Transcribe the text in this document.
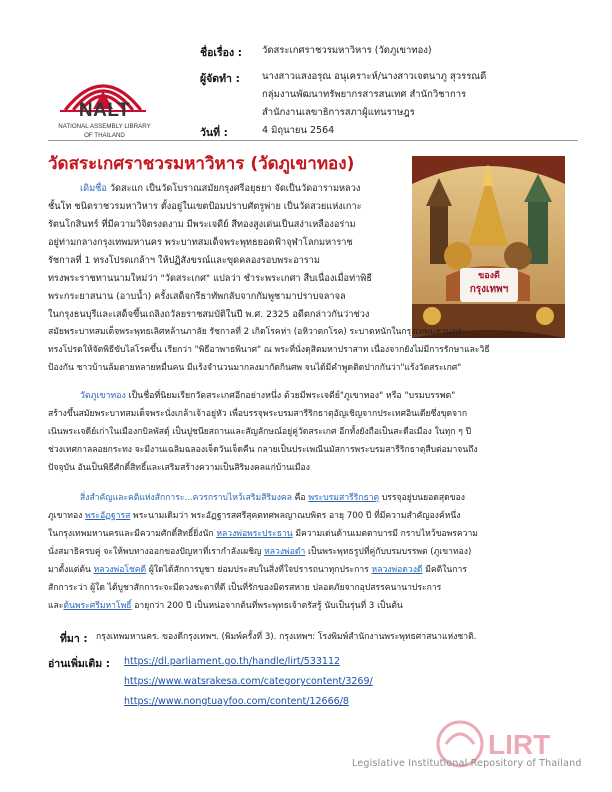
NALT
NATIONAL ASSEMBLY LIBRARY
OF THAILAND
ชื่อเรื่อง : วัดสระเกศราชวรมหาวิหาร (วัดภูเขาทอง)
ผู้จัดทำ : นางสาวแสงอรุณ อนุเคราะห์/นางสาวเจตนาภู สุวรรณดี
กลุ่มงานพัฒนาทรัพยากรสารสนเทศ สำนักวิชาการ
สำนักงานเลขาธิการสภาผู้แทนราษฎร
วันที่ :	4 มิถุนายน 2564
วัดสระเกศราชวรมหาวิหาร (วัดภูเขาทอง)
ของดี
กรุงเทพฯ
เดิมชื่อ วัดสะแก เป็นวัดโบราณสมัยกรุงศรีอยุธยา จัดเป็นวัดอารามหลวง
ชั้นโท ชนิดราชวรมหาวิหาร ตั้งอยู่ในเขตป้อมปราบศัตรูพ่าย เป็นวัดสวยแห่งเกาะ
รัตนโกสินทร์ ที่มีความวิจิตรงดงาม มีพระเจดีย์ สีทองสูงเด่นเป็นสง่าเหลืองอร่าม
อยู่ท่ามกลางกรุงเทพมหานคร พระบาทสมเด็จพระพุทธยอดฟ้าจุฬาโลกมหาราช
รัชกาลที่ 1 ทรงโปรดเกล้าฯ ให้ปฏิสังขรณ์และขุดคลองรอบพระอาราม
ทรงพระราชทานนามใหม่ว่า "วัดสระเกศ" แปลว่า ชำระพระเกศา สืบเนื่องเมื่อท่าพิธี
พระกระยาสนาน (อาบน้ำ) ครั้งเสด็จกรีธาทัพกลับจากกัมพูชามาปราบจลาจล
ในกรุงธนบุรีและเสด็จขึ้นเถลิงถวัลยราชสมบัติในปี พ.ศ. 2325 อดีตกล่าวกันว่าช่วง
สมัยพระบาทสมเด็จพระพุทธเลิศหล้านภาลัย รัชกาลที่ 2 เกิดโรคห่า (อหิวาตกโรค) ระบาดหนักในกรุงเทพมหานคร
ทรงโปรดให้จัดพิธีขับไล่โรคขึ้น เรียกว่า "พิธีอาพาธพินาศ" ณ พระที่นั่งดุสิตมหาปราสาท เนื่องจากยังไม่มีการรักษาและวิธี
ป้องกัน ชาวบ้านล้มตายหลายหมื่นคน มีแร้งจำนวนมากลงมากัดกินศพ จนได้มีคำพูดติดปากกันว่า"แร้งวัดสระเกศ"
วัดภูเขาทอง เป็นชื่อที่นิยมเรียกวัดสระเกศอีกอย่างหนึ่ง ด้วยมีพระเจดีย์"ภูเขาทอง" หรือ "บรมบรรพต"
สร้างขึ้นสมัยพระบาทสมเด็จพระนั่งเกล้าเจ้าอยู่หัว เพื่อบรรจุพระบรมสารีริกธาตุอัญเชิญจากประเทศอินเดียซึ่งขุดจาก
เนินพระเจดีย์เก่าในเมืองกบิลพัสดุ์ เป็นปูชนียสถานและสัญลักษณ์อยู่คู่วัดสระเกศ อีกทั้งยังถือเป็นสะดือเมือง ในทุก ๆ ปี
ช่วงเทศกาลลอยกระทง จะมีงานเฉลิมฉลองเจ็ดวันเจ็ดคืน กลายเป็นประเพณีนมัสการพระบรมสารีริกธาตุสืบต่อมาจนถึง
ปัจจุบัน อันเป็นพิธีศักดิ์สิทธิ์และเสริมสร้างความเป็นสิริมงคลแก่บ้านเมือง
สิ่งสำคัญและคติแห่งสักการะ...ควรกราบไหว้เสริมสิริมงคล คือ พระบรมสารีริกธาตุ บรรจุอยู่บนยอดสุดของ
ภูเขาทอง พระอัฏฐารส พระนามเดิมว่า พระอัฏฐารสศรีสุคตทศพลญาณบพิตร อายุ 700 ปี ที่มีความสำคัญองค์หนึ่ง
ในกรุงเทพมหานครและมีความศักดิ์สิทธิ์ยิ่งนัก หลวงพ่อพระประธาน มีความเด่นด้านเมตตาบารมี กราบไหว้ขอพรความ
นั่งสมาธิครบคู่ จะให้พบทางออกของปัญหาที่เรากำลังเผชิญ หลวงพ่อดำ เป็นพระพุทธรูปที่คู่กับบรมบรรพต (ภูเขาทอง)
มาตั้งแต่ต้น หลวงพ่อโชคดี ผู้ใดได้สักการบูชา ย่อมประสบในสิ่งที่ใจปรารถนาทุกประการ หลวงพ่อดวงดี มีคติในการ
สักการะว่า ผู้ใด ได้บูชาสักการะจะมีดวงชะตาที่ดี เป็นที่รักของมิตรสหาย ปลอดภัยจากอุปสรรคนานาประการ
และต้นพระศรีมหาโพธิ์ อายุกว่า 200 ปี เป็นหน่อจากต้นที่พระพุทธเจ้าตรัสรู้ นับเป็นรุ่นที่ 3 เป็นต้น
ที่มา : กรุงเทพมหานคร. ของดีกรุงเทพฯ. (พิมพ์ครั้งที่ 3). กรุงเทพฯ: โรงพิมพ์สำนักงานพระพุทธศาสนาแห่งชาติ.
อ่านเพิ่มเติม : https://dl.parliament.go.th/handle/lirt/533112
https://www.watsrakesa.com/categorycontent/3269/
https://www.nongtuayfoo.com/content/12666/8
LIRT
Legislative Institutional Repository of Thailand
